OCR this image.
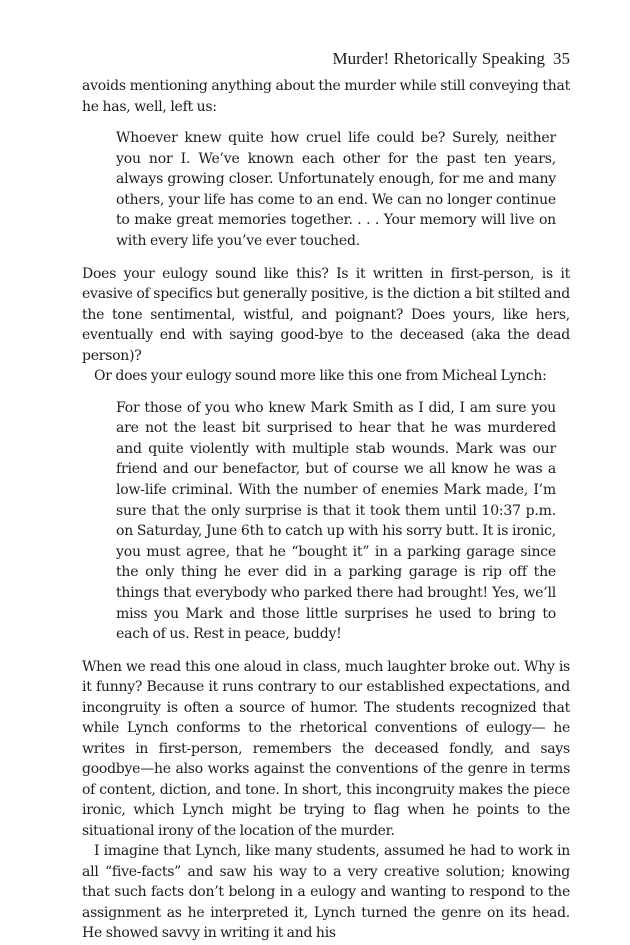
Murder! Rhetorically Speaking 35

avoids mentioning anything about the murder while still conveying that he has, well, left us:

Whoever knew quite how cruel life could be? Surely, neither you nor I. We’ve known each other for the past ten years, always growing closer. Unfortunately enough, for me and many others, your life has come to an end. We can no longer continue to make great memories together. . . . Your memory will live on with every life you’ve ever touched.

Does your eulogy sound like this? Is it written in first-person, is it evasive of specifics but generally positive, is the diction a bit stilted and the tone sentimental, wistful, and poignant? Does yours, like hers, eventually end with saying good-bye to the deceased (aka the dead person)?

Or does your eulogy sound more like this one from Micheal Lynch:

For those of you who knew Mark Smith as I did, I am sure you are not the least bit surprised to hear that he was murdered and quite violently with multiple stab wounds. Mark was our friend and our benefactor, but of course we all know he was a low-life criminal. With the number of enemies Mark made, I’m sure that the only surprise is that it took them until 10:37 p.m. on Saturday, June 6th to catch up with his sorry butt. It is ironic, you must agree, that he “bought it” in a parking garage since the only thing he ever did in a parking garage is rip off the things that everybody who parked there had brought! Yes, we’ll miss you Mark and those little surprises he used to bring to each of us. Rest in peace, buddy!

When we read this one aloud in class, much laughter broke out. Why is it funny? Because it runs contrary to our established expectations, and incongruity is often a source of humor. The students recognized that while Lynch conforms to the rhetorical conventions of eulogy— he writes in first-person, remembers the deceased fondly, and says goodbye—he also works against the conventions of the genre in terms of content, diction, and tone. In short, this incongruity makes the piece ironic, which Lynch might be trying to flag when he points to the situational irony of the location of the murder.

I imagine that Lynch, like many students, assumed he had to work in all “five-facts” and saw his way to a very creative solution; knowing that such facts don’t belong in a eulogy and wanting to respond to the assignment as he interpreted it, Lynch turned the genre on its head. He showed savvy in writing it and his
